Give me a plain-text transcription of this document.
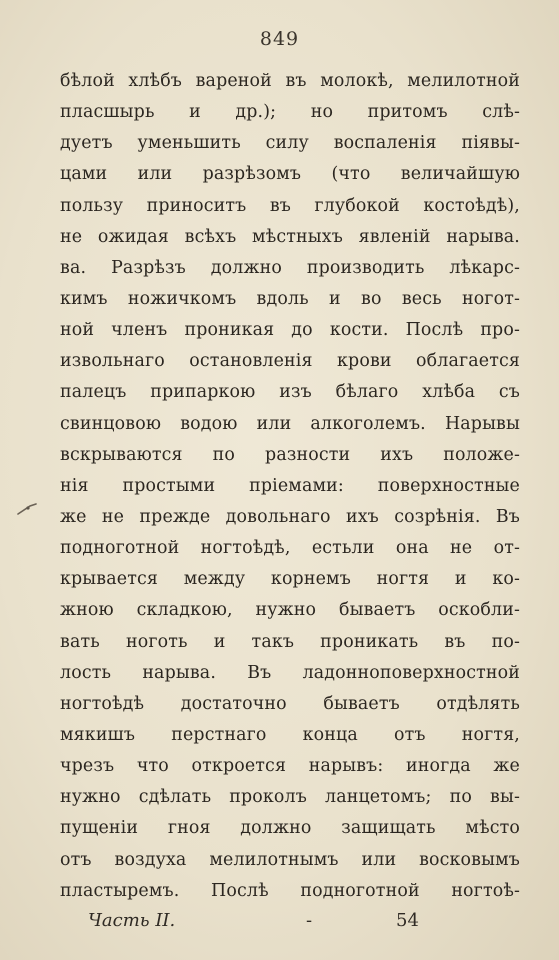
849
бѣлой хлѣбъ вареной въ молокѣ, мелилотной
пласшырь и др.); но притомъ слѣ-
дуетъ уменьшить силу воспаленія піявы-
цами или разрѣзомъ (что величайшую
пользу приноситъ въ глубокой костоѣдѣ),
не ожидая всѣхъ мѣстныхъ явленій нарыва.
ва. Разрѣзъ должно производить лѣкарс-
кимъ ножичкомъ вдоль и во весь ногот-
ной членъ проникая до кости. Послѣ про-
извольнаго остановленія крови облагается
палецъ припаркою изъ бѣлаго хлѣба съ
свинцовою водою или алкоголемъ. Нарывы
вскрываются по разности ихъ положе-
нія простыми пріемами: поверхностные
же не прежде довольнаго ихъ созрѣнія. Въ
подноготной ногтоѣдѣ, естьли она не от-
крывается между корнемъ ногтя и ко-
жною складкою, нужно бываетъ оскобли-
вать ноготь и такъ проникать въ по-
лость нарыва. Въ ладонноповерхностной
ногтоѣдѣ достаточно бываетъ отдѣлять
мякишъ перстнаго конца отъ ногтя,
чрезъ что откроется нарывъ: иногда же
нужно сдѣлать проколъ ланцетомъ; по вы-
пущеніи гноя должно защищать мѣсто
отъ воздуха мелилотнымъ или восковымъ
пластыремъ. Послѣ подноготной ногтоѣ-
Часть II.	-	54
